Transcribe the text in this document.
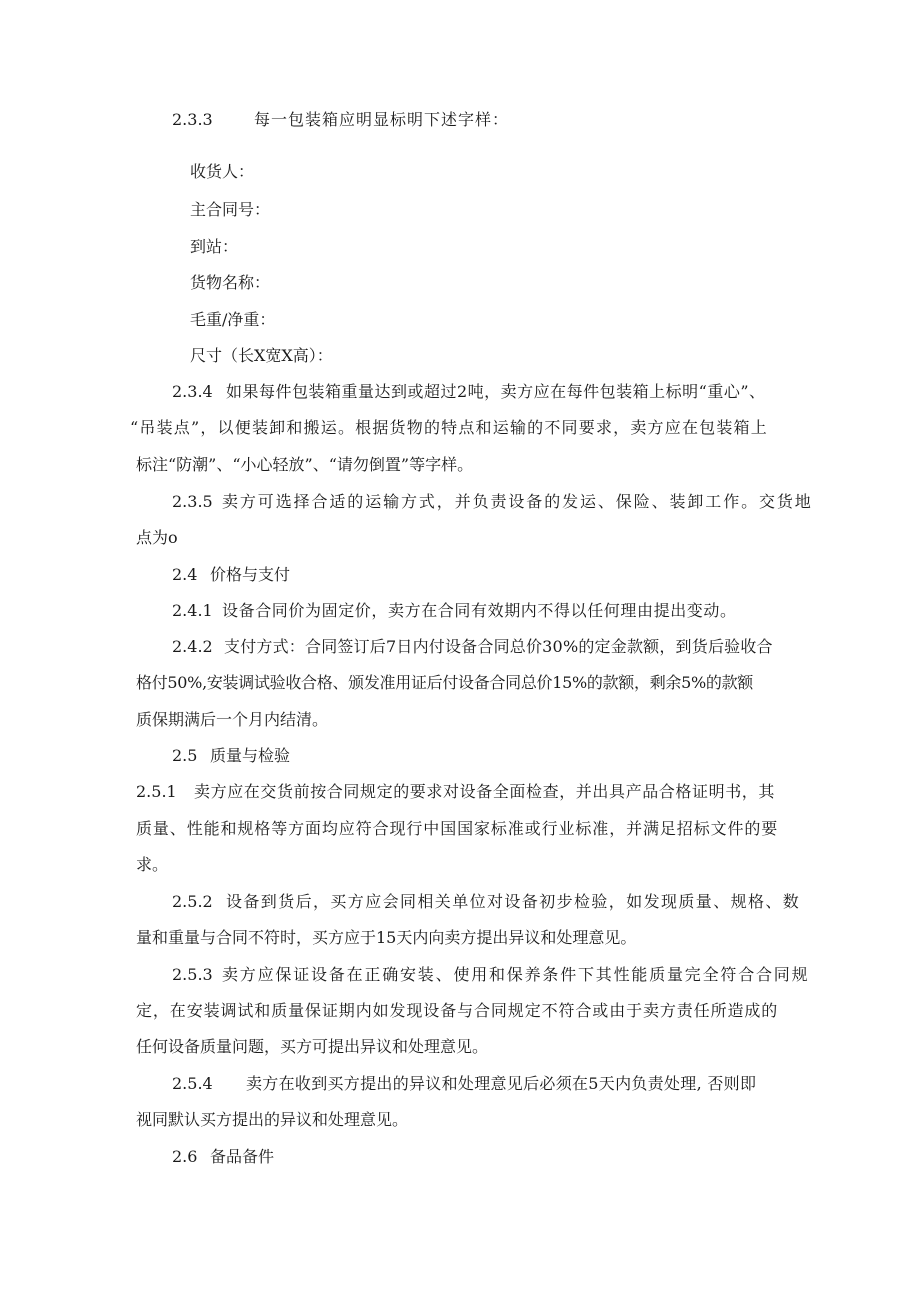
2.3.3	每一包装箱应明显标明下述字样：
收货人：
主合同号：
到站：
货物名称：
毛重/净重：
尺寸（长X宽X高）：
2.3.4 如果每件包装箱重量达到或超过2吨，卖方应在每件包装箱上标明“重心”、
“吊装点”，以便装卸和搬运。根据货物的特点和运输的不同要求，卖方应在包装箱上
标注“防潮”、“小心轻放”、“请勿倒置”等字样。
2.3.5 卖方可选择合适的运输方式，并负责设备的发运、保险、装卸工作。交货地
点为o
2.4 价格与支付
2.4.1 设备合同价为固定价，卖方在合同有效期内不得以任何理由提出变动。
2.4.2 支付方式：合同签订后7日内付设备合同总价30%的定金款额，到货后验收合
格付50%,安装调试验收合格、颁发准用证后付设备合同总价15%的款额，剩余5%的款额
质保期满后一个月内结清。
2.5 质量与检验
2.5.1 卖方应在交货前按合同规定的要求对设备全面检查，并出具产品合格证明书，其
质量、性能和规格等方面均应符合现行中国国家标准或行业标准，并满足招标文件的要
求。
2.5.2 设备到货后，买方应会同相关单位对设备初步检验，如发现质量、规格、数
量和重量与合同不符时，买方应于15天内向卖方提出异议和处理意见。
2.5.3 卖方应保证设备在正确安装、使用和保养条件下其性能质量完全符合合同规
定，在安装调试和质量保证期内如发现设备与合同规定不符合或由于卖方责任所造成的
任何设备质量问题，买方可提出异议和处理意见。
2.5.4 卖方在收到买方提出的异议和处理意见后必须在5天内负责处理, 否则即
视同默认买方提出的异议和处理意见。
2.6 备品备件
